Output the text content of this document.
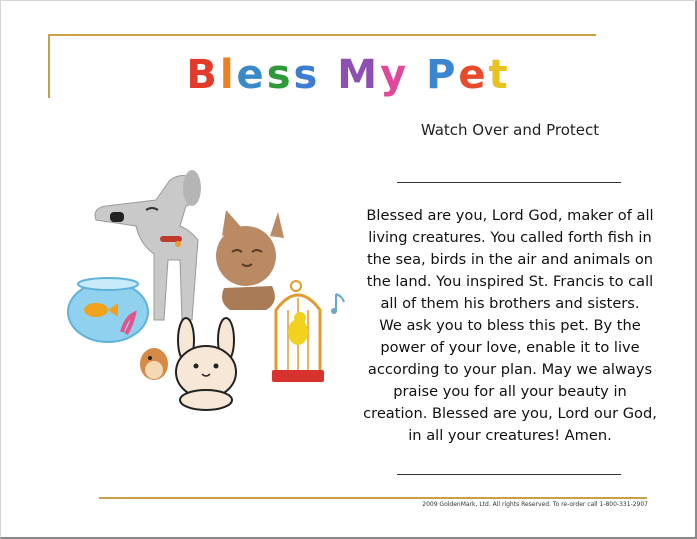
Bless My Pet
Watch Over and Protect
Blessed are you, Lord God, maker of all
living creatures. You called forth fish in
the sea, birds in the air and animals on
the land. You inspired St. Francis to call
all of them his brothers and sisters.
We ask you to bless this pet. By the
power of your love, enable it to live
according to your plan. May we always
praise you for all your beauty in
creation. Blessed are you, Lord our God,
in all your creatures! Amen.
2009 GoldenMark, Ltd. All rights Reserved. To re-order call 1-800-331-2907
